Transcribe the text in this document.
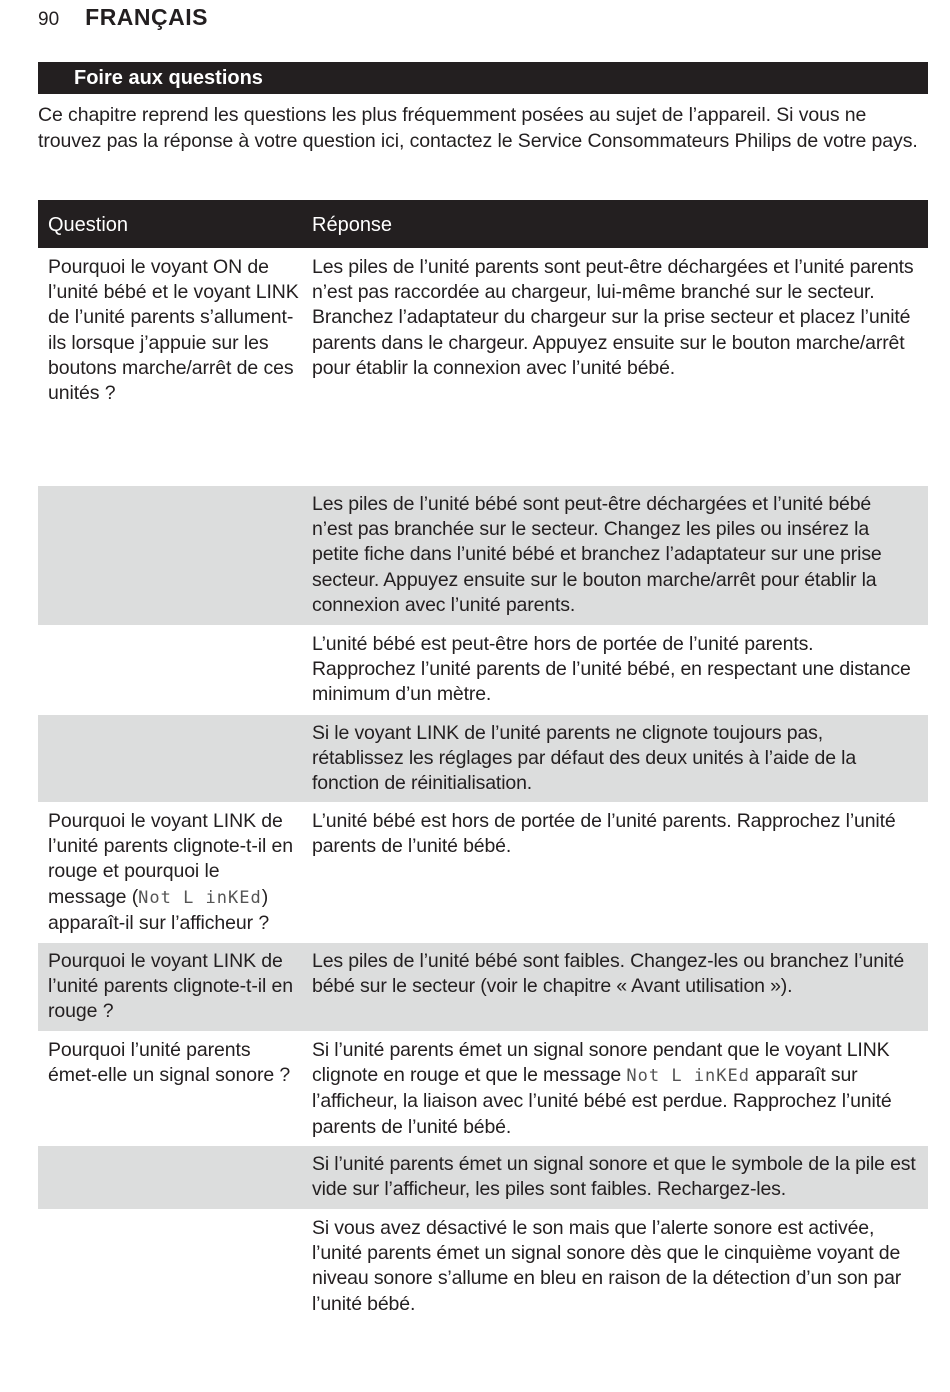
90 FRANÇAIS
Foire aux questions
Ce chapitre reprend les questions les plus fréquemment posées au sujet de l’appareil. Si vous ne trouvez pas la réponse à votre question ici, contactez le Service Consommateurs Philips de votre pays.
Question	Réponse
Pourquoi le voyant ON de l’unité bébé et le voyant LINK de l’unité parents s’allument-ils lorsque j’appuie sur les boutons marche/arrêt de ces unités ?
Les piles de l’unité parents sont peut-être déchargées et l’unité parents n’est pas raccordée au chargeur, lui-même branché sur le secteur. Branchez l’adaptateur du chargeur sur la prise secteur et placez l’unité parents dans le chargeur. Appuyez ensuite sur le bouton marche/arrêt pour établir la connexion avec l’unité bébé.
Les piles de l’unité bébé sont peut-être déchargées et l’unité bébé n’est pas branchée sur le secteur. Changez les piles ou insérez la petite fiche dans l’unité bébé et branchez l’adaptateur sur une prise secteur. Appuyez ensuite sur le bouton marche/arrêt pour établir la connexion avec l’unité parents.
L’unité bébé est peut-être hors de portée de l’unité parents. Rapprochez l’unité parents de l’unité bébé, en respectant une distance minimum d’un mètre.
Si le voyant LINK de l’unité parents ne clignote toujours pas, rétablissez les réglages par défaut des deux unités à l’aide de la fonction de réinitialisation.
Pourquoi le voyant LINK de l’unité parents clignote-t-il en rouge et pourquoi le message (Not L inKEd) apparaît-il sur l’afficheur ?
L’unité bébé est hors de portée de l’unité parents. Rapprochez l’unité parents de l’unité bébé.
Pourquoi le voyant LINK de l’unité parents clignote-t-il en rouge ?
Les piles de l’unité bébé sont faibles. Changez-les ou branchez l’unité bébé sur le secteur (voir le chapitre « Avant utilisation »).
Pourquoi l’unité parents émet-elle un signal sonore ?
Si l’unité parents émet un signal sonore pendant que le voyant LINK clignote en rouge et que le message Not L inKEd apparaît sur l’afficheur, la liaison avec l’unité bébé est perdue. Rapprochez l’unité parents de l’unité bébé.
Si l’unité parents émet un signal sonore et que le symbole de la pile est vide sur l’afficheur, les piles sont faibles. Rechargez-les.
Si vous avez désactivé le son mais que l’alerte sonore est activée, l’unité parents émet un signal sonore dès que le cinquième voyant de niveau sonore s’allume en bleu en raison de la détection d’un son par l’unité bébé.
